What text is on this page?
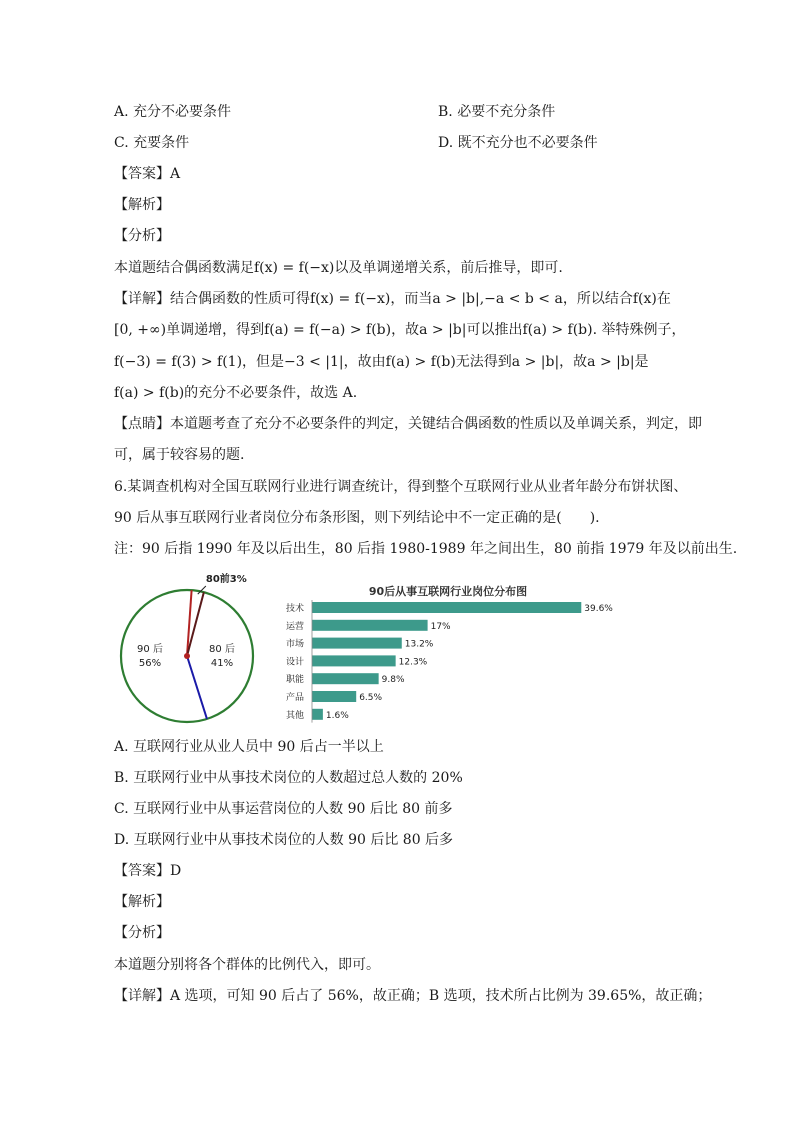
A. 充分不必要条件	B. 必要不充分条件
C. 充要条件	D. 既不充分也不必要条件
【答案】A
【解析】
【分析】
本道题结合偶函数满足f(x) = f(−x)以及单调递增关系，前后推导，即可.
【详解】结合偶函数的性质可得f(x) = f(−x)，而当a > |b|,−a < b < a，所以结合f(x)在
[0, +∞)单调递增，得到f(a) = f(−a) > f(b)，故a > |b|可以推出f(a) > f(b). 举特殊例子，
f(−3) = f(3) > f(1)，但是−3 < |1|，故由f(a) > f(b)无法得到a > |b|，故a > |b|是
f(a) > f(b)的充分不必要条件，故选 A.
【点睛】本道题考查了充分不必要条件的判定，关键结合偶函数的性质以及单调关系，判定，即
可，属于较容易的题.
6.某调查机构对全国互联网行业进行调查统计，得到整个互联网行业从业者年龄分布饼状图、
90 后从事互联网行业者岗位分布条形图，则下列结论中不一定正确的是(　　).
注：90 后指 1990 年及以后出生，80 后指 1980-1989 年之间出生，80 前指 1979 年及以前出生.
80前3%
90 后
56%
80 后
41%
90后从事互联网行业岗位分布图
技术	39.6%
运营	17%
市场	13.2%
设计	12.3%
职能	9.8%
产品	6.5%
其他 1.6%
A. 互联网行业从业人员中 90 后占一半以上
B. 互联网行业中从事技术岗位的人数超过总人数的 20%
C. 互联网行业中从事运营岗位的人数 90 后比 80 前多
D. 互联网行业中从事技术岗位的人数 90 后比 80 后多
【答案】D
【解析】
【分析】
本道题分别将各个群体的比例代入，即可。
【详解】A 选项，可知 90 后占了 56%，故正确；B 选项，技术所占比例为 39.65%，故正确；
